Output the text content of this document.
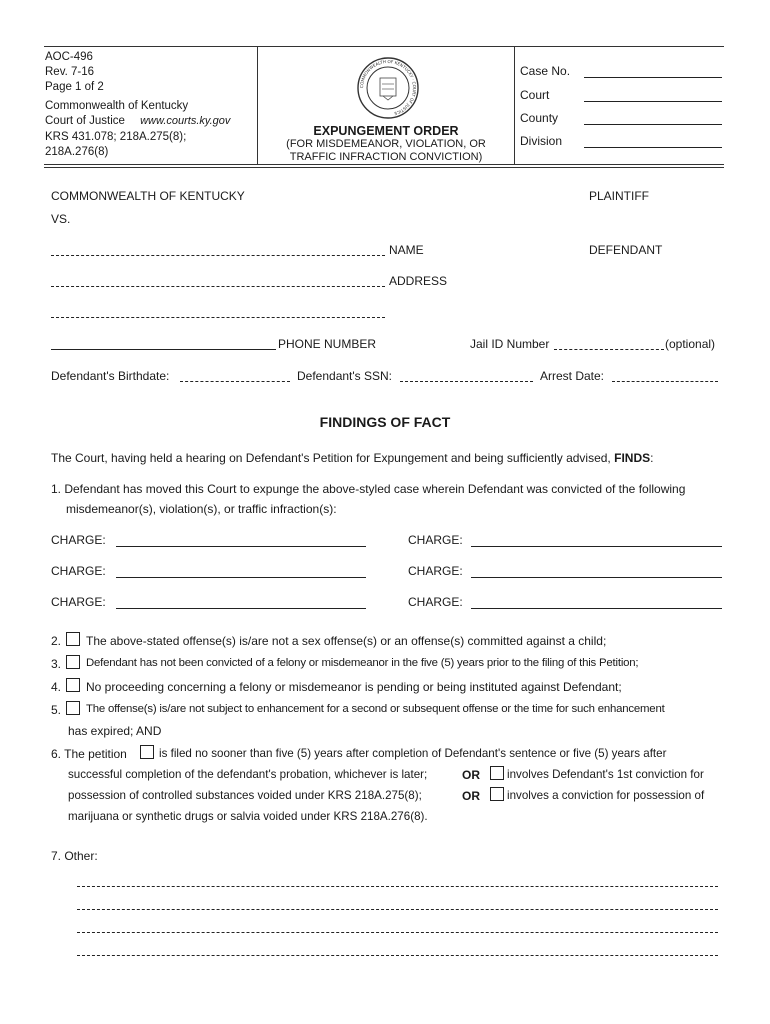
AOC-496
Rev. 7-16
Page 1 of 2
Commonwealth of Kentucky
Court of Justice www.courts.ky.gov
KRS 431.078; 218A.275(8);
218A.276(8)
COMMONWEALTH OF KENTUCKY · COURT OF JUSTICE
EXPUNGEMENT ORDER
(FOR MISDEMEANOR, VIOLATION, OR
TRAFFIC INFRACTION CONVICTION)
Case No.
Court
County
Division
COMMONWEALTH OF KENTUCKY	PLAINTIFF
VS.
NAME	DEFENDANT
ADDRESS
PHONE NUMBER	Jail ID Number	(optional)
Defendant's Birthdate:	Defendant's SSN:	Arrest Date:
FINDINGS OF FACT
The Court, having held a hearing on Defendant's Petition for Expungement and being sufficiently advised, FINDS:
1. Defendant has moved this Court to expunge the above-styled case wherein Defendant was convicted of the following
misdemeanor(s), violation(s), or traffic infraction(s):
CHARGE:	CHARGE:
CHARGE:	CHARGE:
CHARGE:	CHARGE:
2. The above-stated offense(s) is/are not a sex offense(s) or an offense(s) committed against a child;
3. Defendant has not been convicted of a felony or misdemeanor in the five (5) years prior to the filing of this Petition;
4. No proceeding concerning a felony or misdemeanor is pending or being instituted against Defendant;
5. The offense(s) is/are not subject to enhancement for a second or subsequent offense or the time for such enhancement
has expired; AND
6. The petition	is filed no sooner than five (5) years after completion of Defendant's sentence or five (5) years after
successful completion of the defendant's probation, whichever is later;	OR involves Defendant's 1st conviction for
possession of controlled substances voided under KRS 218A.275(8);	OR involves a conviction for possession of
marijuana or synthetic drugs or salvia voided under KRS 218A.276(8).
7. Other:
